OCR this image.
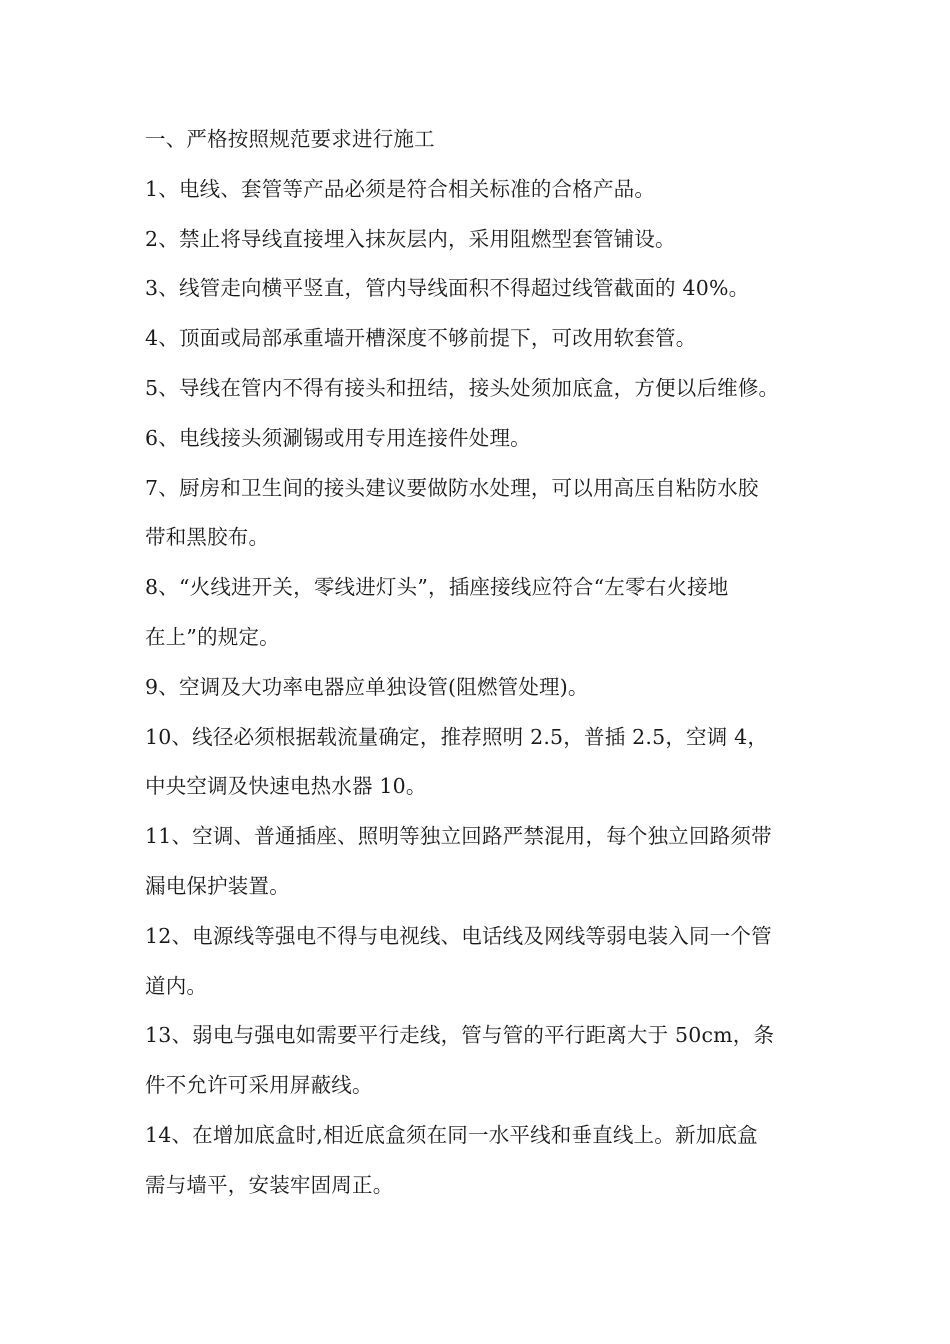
一、严格按照规范要求进行施工
1、电线、套管等产品必须是符合相关标准的合格产品。
2、禁止将导线直接埋入抹灰层内，采用阻燃型套管铺设。
3、线管走向横平竖直，管内导线面积不得超过线管截面的 40%。
4、顶面或局部承重墙开槽深度不够前提下，可改用软套管。
5、导线在管内不得有接头和扭结，接头处须加底盒，方便以后维修。
6、电线接头须涮锡或用专用连接件处理。
7、厨房和卫生间的接头建议要做防水处理，可以用高压自粘防水胶
带和黑胶布。
8、“火线进开关，零线进灯头”，插座接线应符合“左零右火接地
在上”的规定。
9、空调及大功率电器应单独设管(阻燃管处理)。
10、线径必须根据载流量确定，推荐照明 2.5，普插 2.5，空调 4，
中央空调及快速电热水器 10。
11、空调、普通插座、照明等独立回路严禁混用，每个独立回路须带
漏电保护装置。
12、电源线等强电不得与电视线、电话线及网线等弱电装入同一个管
道内。
13、弱电与强电如需要平行走线，管与管的平行距离大于 50cm，条
件不允许可采用屏蔽线。
14、在增加底盒时,相近底盒须在同一水平线和垂直线上。新加底盒
需与墙平，安装牢固周正。
